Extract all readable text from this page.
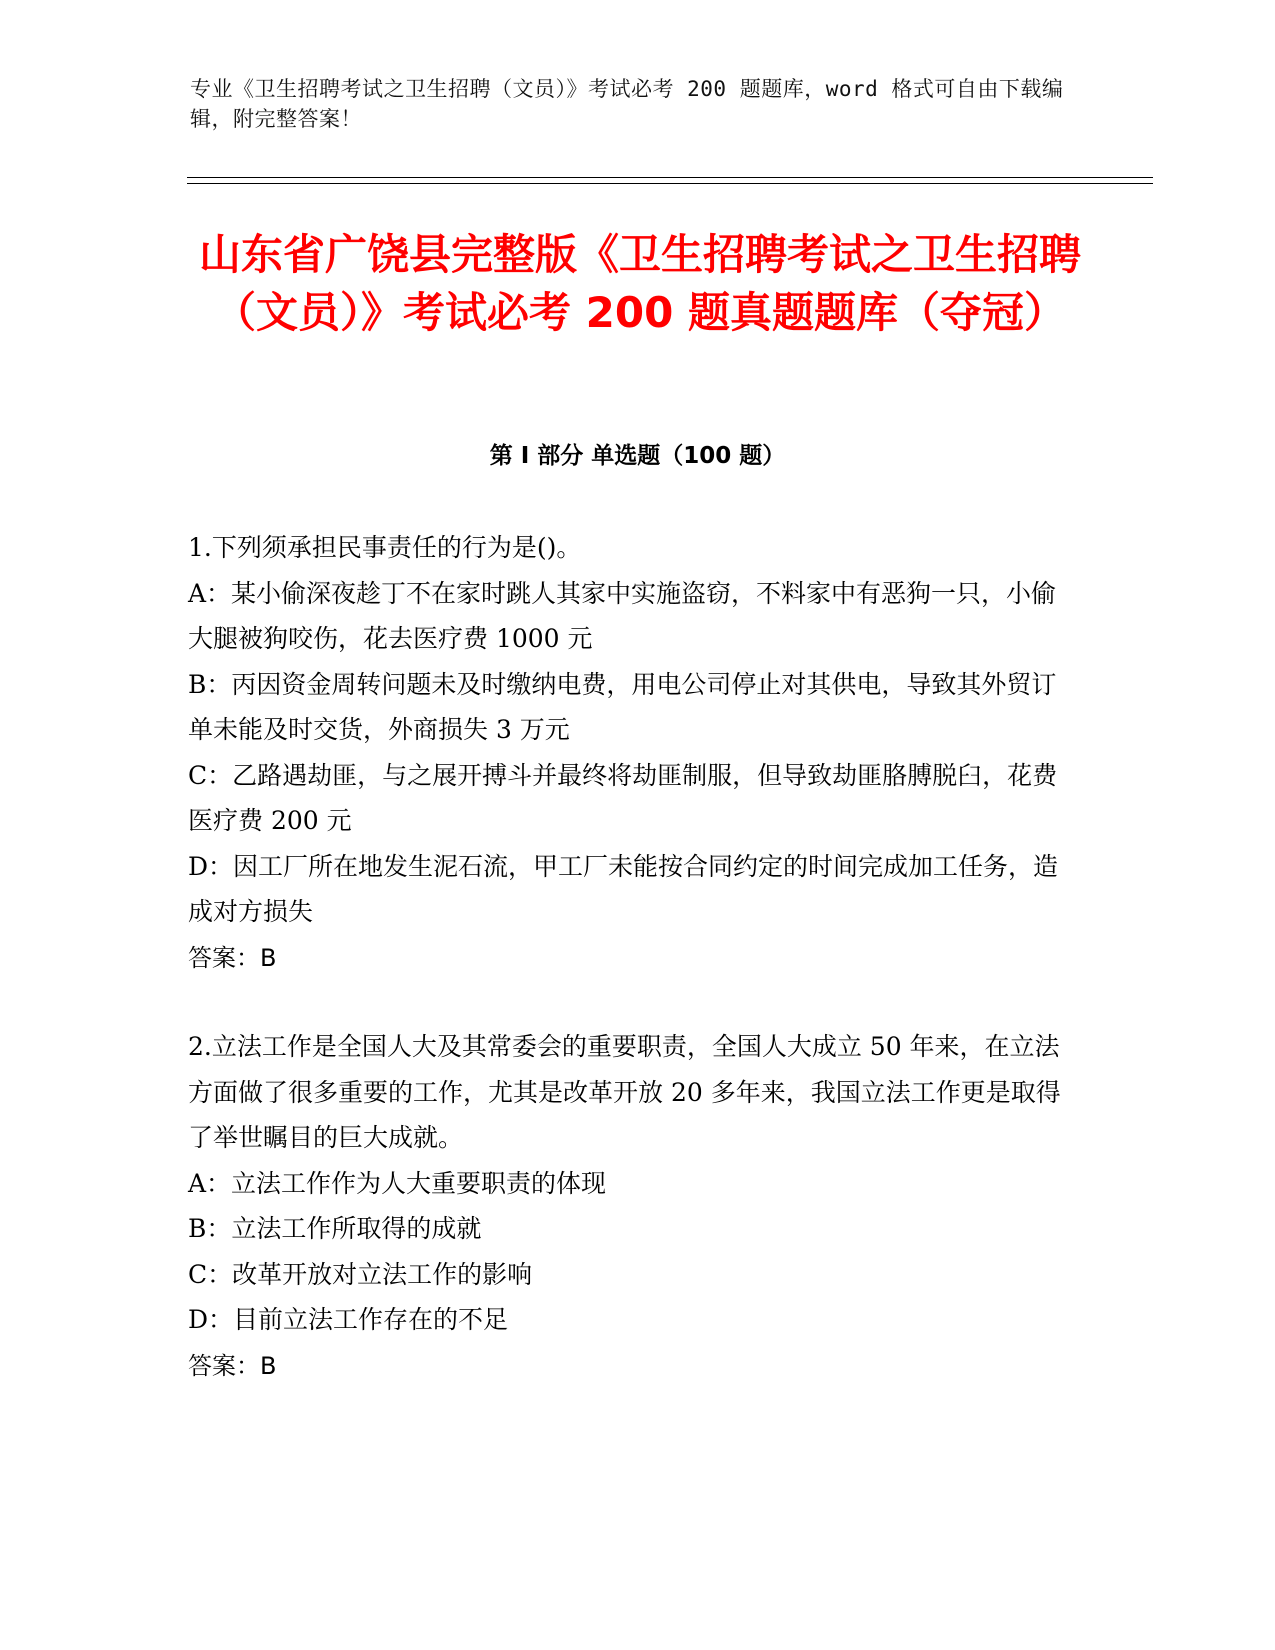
专业《卫生招聘考试之卫生招聘（文员）》考试必考 200 题题库，word 格式可自由下载编辑，附完整答案！
山东省广饶县完整版《卫生招聘考试之卫生招聘（文员）》考试必考 200 题真题题库（夺冠）
第 I 部分 单选题（100 题）
1.下列须承担民事责任的行为是()。
A：某小偷深夜趁丁不在家时跳人其家中实施盗窃，不料家中有恶狗一只，小偷大腿被狗咬伤，花去医疗费 1000 元
B：丙因资金周转问题未及时缴纳电费，用电公司停止对其供电，导致其外贸订单未能及时交货，外商损失 3 万元
C：乙路遇劫匪，与之展开搏斗并最终将劫匪制服，但导致劫匪胳膊脱臼，花费医疗费 200 元
D：因工厂所在地发生泥石流，甲工厂未能按合同约定的时间完成加工任务，造成对方损失
答案：B
2.立法工作是全国人大及其常委会的重要职责，全国人大成立 50 年来，在立法方面做了很多重要的工作，尤其是改革开放 20 多年来，我国立法工作更是取得了举世瞩目的巨大成就。
A：立法工作作为人大重要职责的体现
B：立法工作所取得的成就
C：改革开放对立法工作的影响
D：目前立法工作存在的不足
答案：B
